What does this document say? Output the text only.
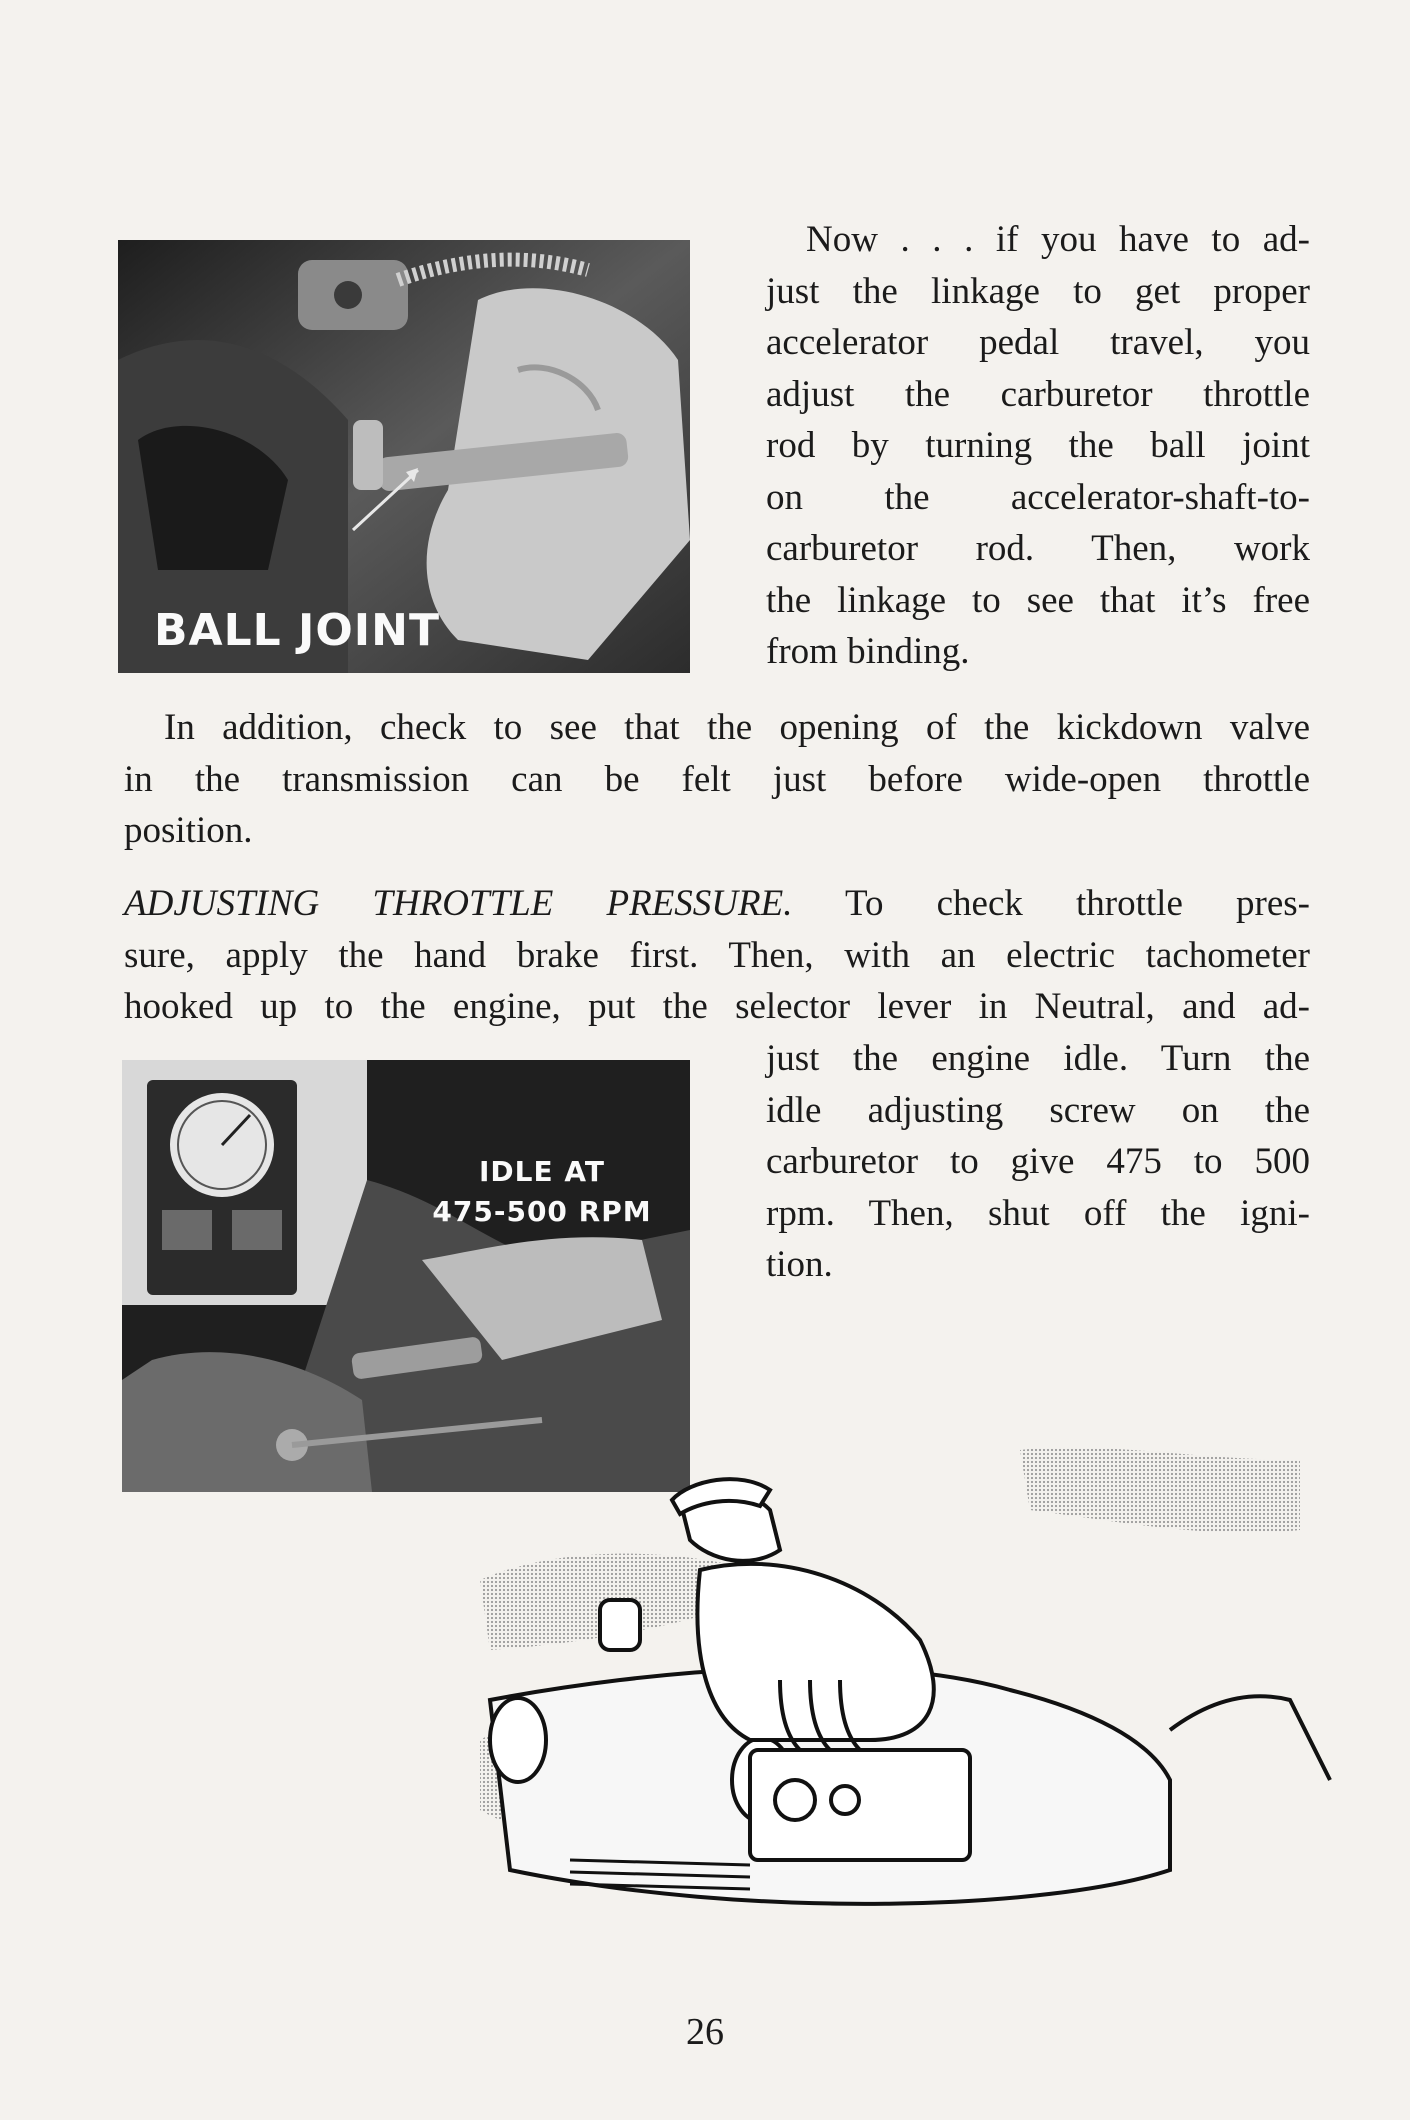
BALL JOINT
Now . . . if you have to ad-
just the linkage to get proper
accelerator pedal travel, you
adjust the carburetor throttle
rod by turning the ball joint
on the accelerator-shaft-to-
carburetor rod. Then, work
the linkage to see that it’s free
from binding.
In addition, check to see that the opening of the kickdown valve
in the transmission can be felt just before wide-open throttle
position.
ADJUSTING THROTTLE PRESSURE. To check throttle pres-
sure, apply the hand brake first. Then, with an electric tachometer
hooked up to the engine, put the selector lever in Neutral, and ad-
just the engine idle. Turn the
idle adjusting screw on the
carburetor to give 475 to 500
rpm. Then, shut off the igni-
tion.
IDLE AT
475-500 RPM
26
